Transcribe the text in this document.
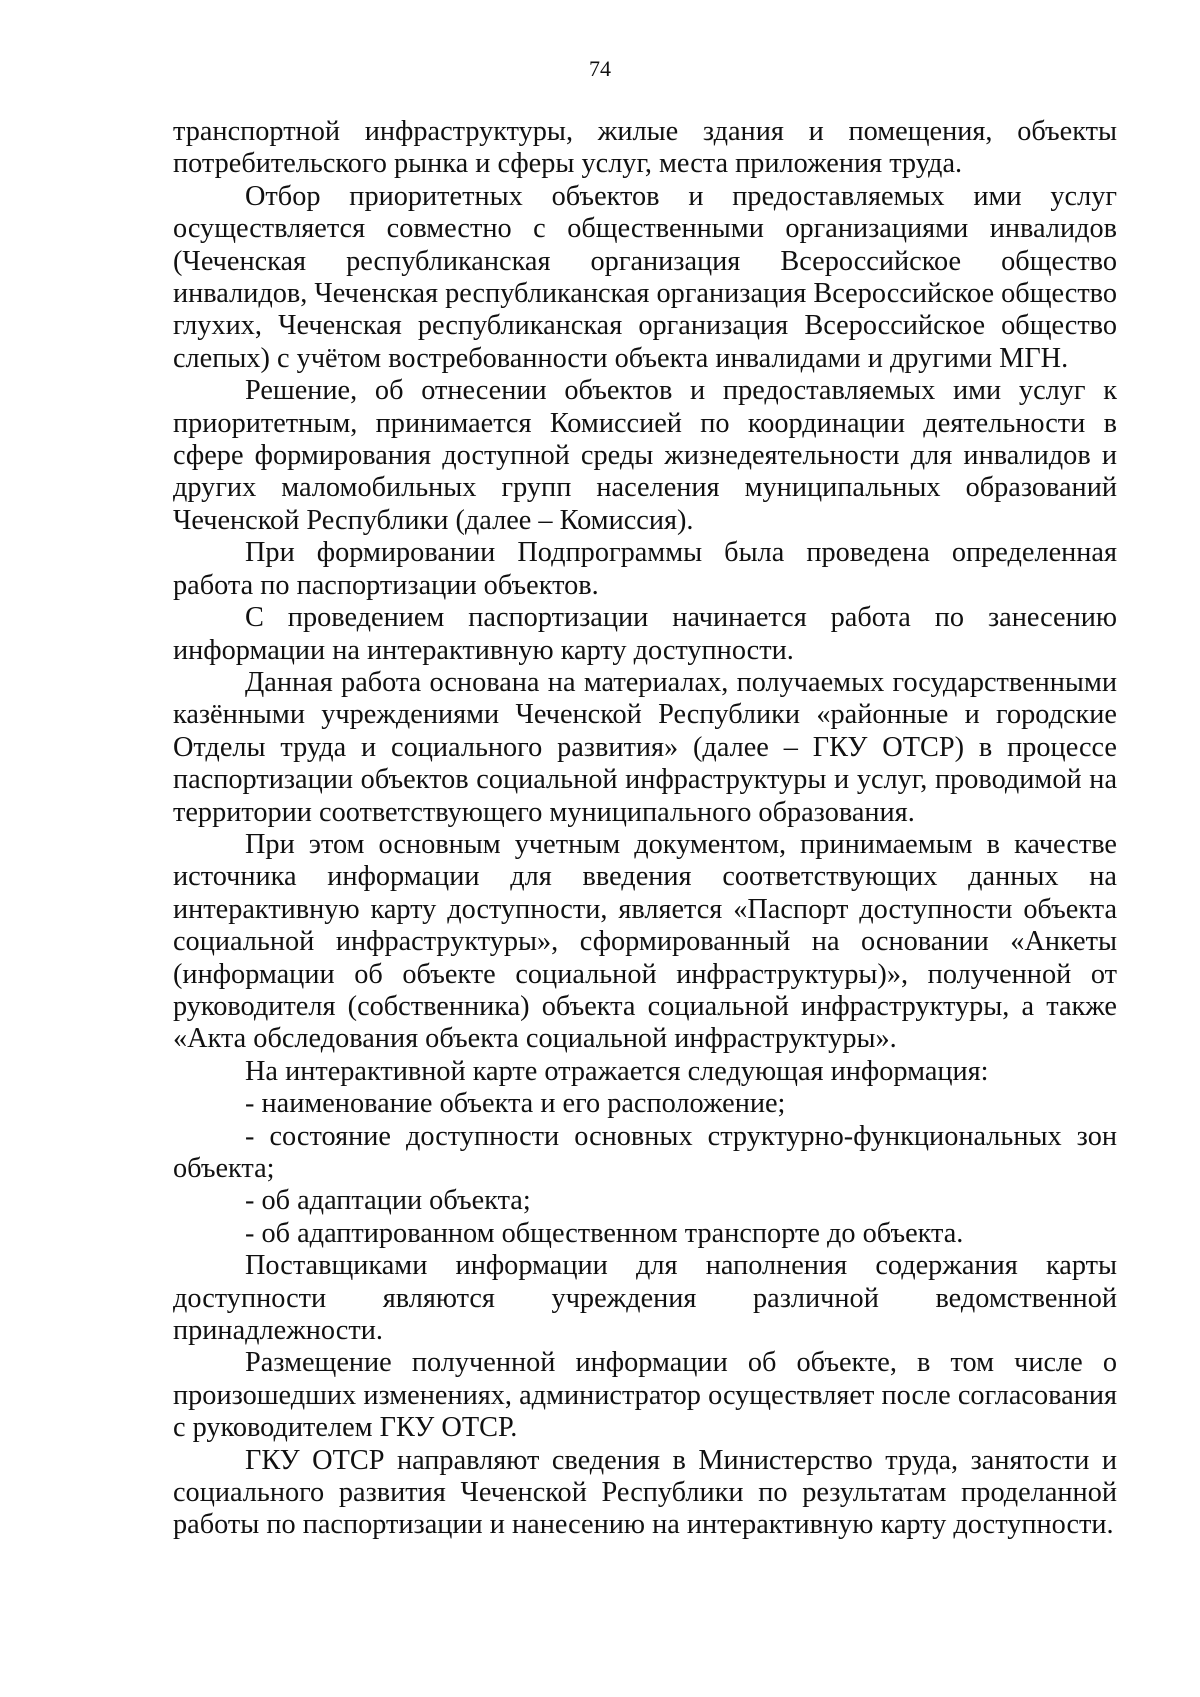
74

транспортной инфраструктуры, жилые здания и помещения, объекты потребительского рынка и сферы услуг, места приложения труда.

Отбор приоритетных объектов и предоставляемых ими услуг осуществляется совместно с общественными организациями инвалидов (Чеченская республиканская организация Всероссийское общество инвалидов, Чеченская республиканская организация Всероссийское общество глухих, Чеченская республиканская организация Всероссийское общество слепых) с учётом востребованности объекта инвалидами и другими МГН.

Решение, об отнесении объектов и предоставляемых ими услуг к приоритетным, принимается Комиссией по координации деятельности в сфере формирования доступной среды жизнедеятельности для инвалидов и других маломобильных групп населения муниципальных образований Чеченской Республики (далее – Комиссия).

При формировании Подпрограммы была проведена определенная работа по паспортизации объектов.

С проведением паспортизации начинается работа по занесению информации на интерактивную карту доступности.

Данная работа основана на материалах, получаемых государственными казёнными учреждениями Чеченской Республики «районные и городские Отделы труда и социального развития» (далее – ГКУ ОТСР) в процессе паспортизации объектов социальной инфраструктуры и услуг, проводимой на территории соответствующего муниципального образования.

При этом основным учетным документом, принимаемым в качестве источника информации для введения соответствующих данных на интерактивную карту доступности, является «Паспорт доступности объекта социальной инфраструктуры», сформированный на основании «Анкеты (информации об объекте социальной инфраструктуры)», полученной от руководителя (собственника) объекта социальной инфраструктуры, а также «Акта обследования объекта социальной инфраструктуры».

На интерактивной карте отражается следующая информация:

- наименование объекта и его расположение;

- состояние доступности основных структурно-функциональных зон объекта;

- об адаптации объекта;

- об адаптированном общественном транспорте до объекта.

Поставщиками информации для наполнения содержания карты доступности являются учреждения различной ведомственной принадлежности.

Размещение полученной информации об объекте, в том числе о произошедших изменениях, администратор осуществляет после согласования с руководителем ГКУ ОТСР.

ГКУ ОТСР направляют сведения в Министерство труда, занятости и социального развития Чеченской Республики по результатам проделанной работы по паспортизации и нанесению на интерактивную карту доступности.
